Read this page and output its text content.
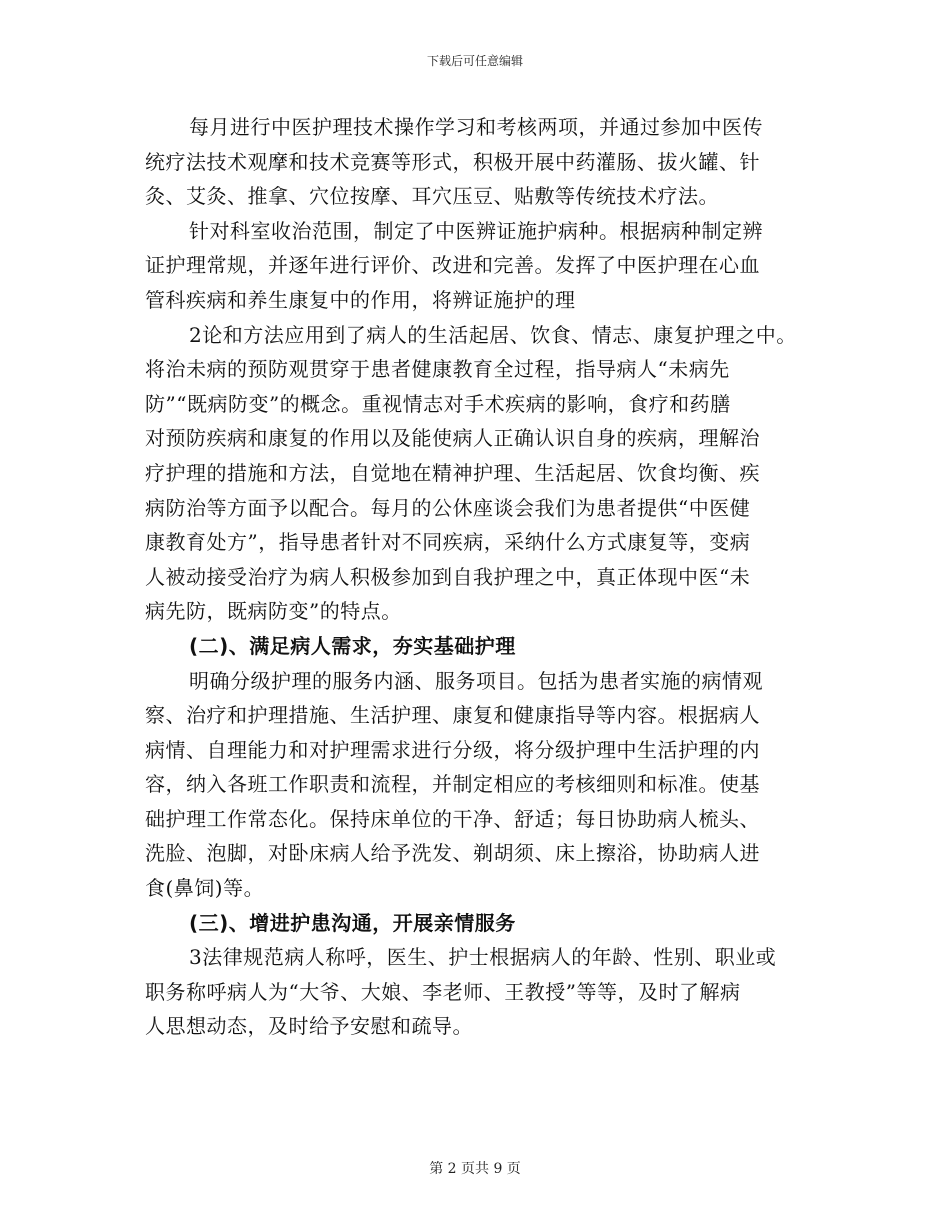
下载后可任意编辑
每月进行中医护理技术操作学习和考核两项，并通过参加中医传
统疗法技术观摩和技术竞赛等形式，积极开展中药灌肠、拔火罐、针
灸、艾灸、推拿、穴位按摩、耳穴压豆、贴敷等传统技术疗法。
针对科室收治范围，制定了中医辨证施护病种。根据病种制定辨
证护理常规，并逐年进行评价、改进和完善。发挥了中医护理在心血
管科疾病和养生康复中的作用，将辨证施护的理
2论和方法应用到了病人的生活起居、饮食、情志、康复护理之中。
将治未病的预防观贯穿于患者健康教育全过程，指导病人“未病先
防”“既病防变”的概念。重视情志对手术疾病的影响，食疗和药膳
对预防疾病和康复的作用以及能使病人正确认识自身的疾病，理解治
疗护理的措施和方法，自觉地在精神护理、生活起居、饮食均衡、疾
病防治等方面予以配合。每月的公休座谈会我们为患者提供“中医健
康教育处方”，指导患者针对不同疾病，采纳什么方式康复等，变病
人被动接受治疗为病人积极参加到自我护理之中，真正体现中医“未
病先防，既病防变”的特点。
(二)、满足病人需求，夯实基础护理
明确分级护理的服务内涵、服务项目。包括为患者实施的病情观
察、治疗和护理措施、生活护理、康复和健康指导等内容。根据病人
病情、自理能力和对护理需求进行分级，将分级护理中生活护理的内
容，纳入各班工作职责和流程，并制定相应的考核细则和标准。使基
础护理工作常态化。保持床单位的干净、舒适；每日协助病人梳头、
洗脸、泡脚，对卧床病人给予洗发、剃胡须、床上擦浴，协助病人进
食(鼻饲)等。
(三)、增进护患沟通，开展亲情服务
3法律规范病人称呼，医生、护士根据病人的年龄、性别、职业或
职务称呼病人为“大爷、大娘、李老师、王教授”等等，及时了解病
人思想动态，及时给予安慰和疏导。
第 2 页共 9 页
